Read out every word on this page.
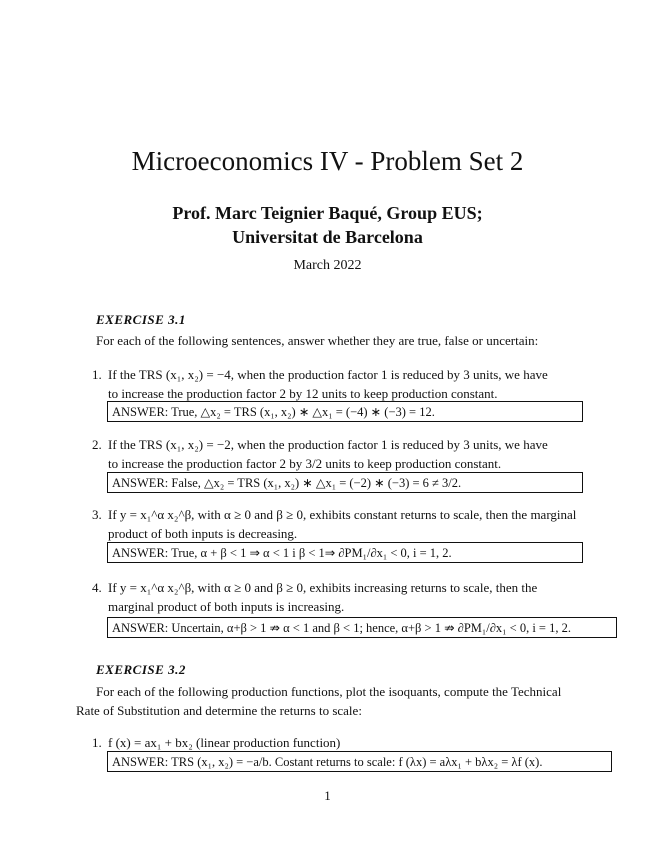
Microeconomics IV - Problem Set 2
Prof. Marc Teignier Baqué, Group EUS;
Universitat de Barcelona
March 2022
EXERCISE 3.1
For each of the following sentences, answer whether they are true, false or uncertain:
1. If the TRS (x₁, x₂) = −4, when the production factor 1 is reduced by 3 units, we have
to increase the production factor 2 by 12 units to keep production constant.
ANSWER: True, △x₂ = TRS (x₁, x₂) ∗ △x₁ = (−4) ∗ (−3) = 12.
2. If the TRS (x₁, x₂) = −2, when the production factor 1 is reduced by 3 units, we have
to increase the production factor 2 by 3/2 units to keep production constant.
ANSWER: False, △x₂ = TRS (x₁, x₂) ∗ △x₁ = (−2) ∗ (−3) = 6 ≠ 3/2.
3. If y = x₁^α x₂^β, with α ≥ 0 and β ≥ 0, exhibits constant returns to scale, then the marginal
product of both inputs is decreasing.
ANSWER: True, α + β < 1 ⇒ α < 1 i β < 1⇒ ∂PM₁/∂x₁ < 0, i = 1, 2.
4. If y = x₁^α x₂^β, with α ≥ 0 and β ≥ 0, exhibits increasing returns to scale, then the
marginal product of both inputs is increasing.
ANSWER: Uncertain, α+β > 1 ⇏ α < 1 and β < 1; hence, α+β > 1 ⇏ ∂PM₁/∂x₁ < 0, i = 1, 2.
EXERCISE 3.2
For each of the following production functions, plot the isoquants, compute the Technical
Rate of Substitution and determine the returns to scale:
1. f (x) = ax₁ + bx₂ (linear production function)
ANSWER: TRS (x₁, x₂) = −a/b. Costant returns to scale: f (λx) = aλx₁ + bλx₂ = λf (x).
1
